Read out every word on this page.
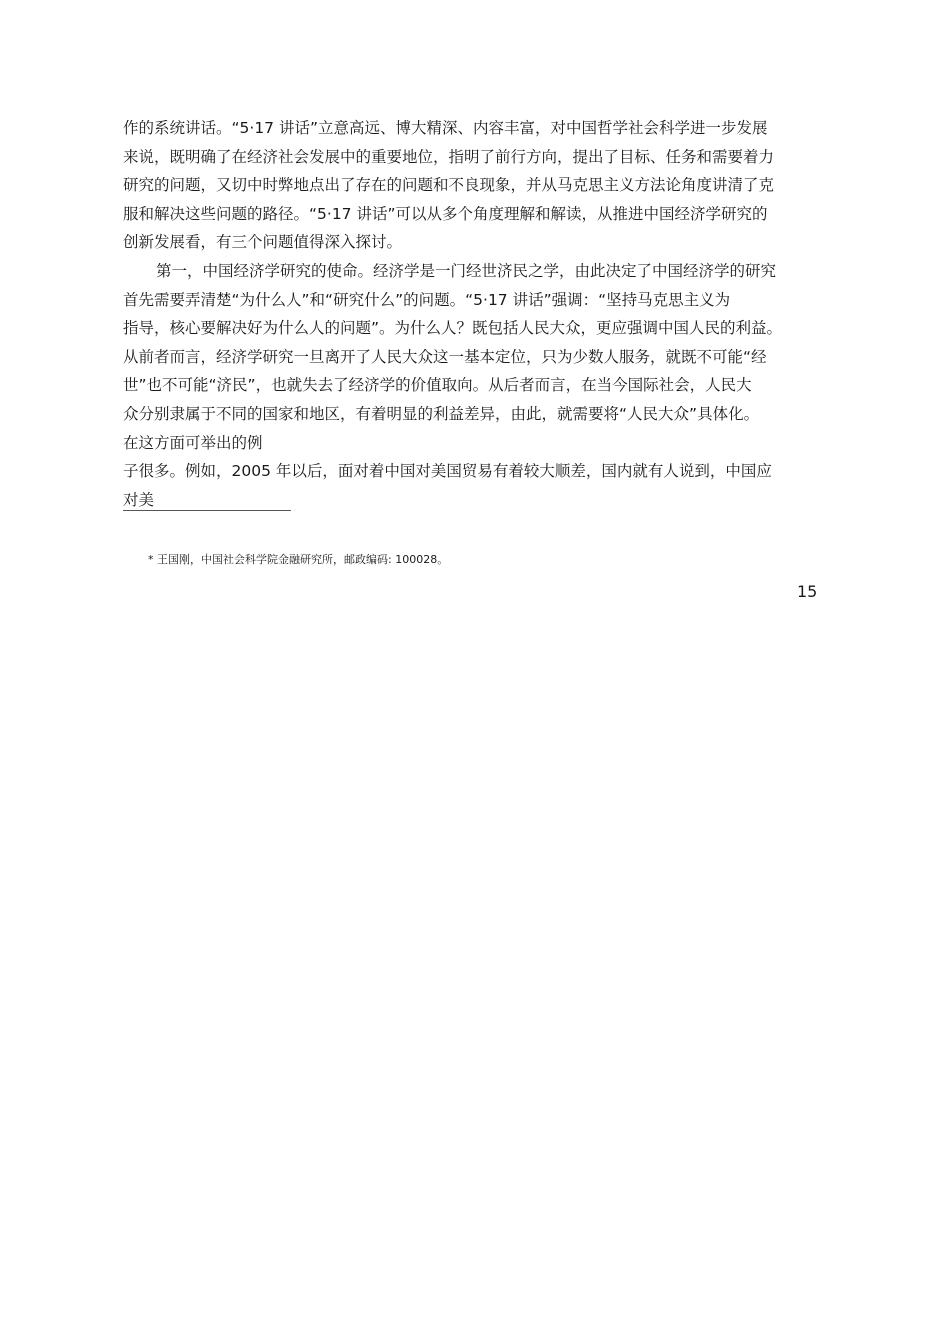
作的系统讲话。“5·17 讲话”立意高远、博大精深、内容丰富，对中国哲学社会科学进一步发展
来说，既明确了在经济社会发展中的重要地位，指明了前行方向，提出了目标、任务和需要着力
研究的问题，又切中时弊地点出了存在的问题和不良现象，并从马克思主义方法论角度讲清了克
服和解决这些问题的路径。“5·17 讲话”可以从多个角度理解和解读，从推进中国经济学研究的
创新发展看，有三个问题值得深入探讨。
第一，中国经济学研究的使命。经济学是一门经世济民之学，由此决定了中国经济学的研究
首先需要弄清楚“为什么人”和“研究什么”的问题。“5·17 讲话”强调：“坚持马克思主义为
指导，核心要解决好为什么人的问题”。为什么人？既包括人民大众，更应强调中国人民的利益。
从前者而言，经济学研究一旦离开了人民大众这一基本定位，只为少数人服务，就既不可能“经
世”也不可能“济民”，也就失去了经济学的价值取向。从后者而言，在当今国际社会，人民大
众分别隶属于不同的国家和地区，有着明显的利益差异，由此，就需要将“人民大众”具体化。
在这方面可举出的例
子很多。例如，2005 年以后，面对着中国对美国贸易有着较大顺差，国内就有人说到，中国应
对美
* 王国刚，中国社会科学院金融研究所，邮政编码: 100028。
15
